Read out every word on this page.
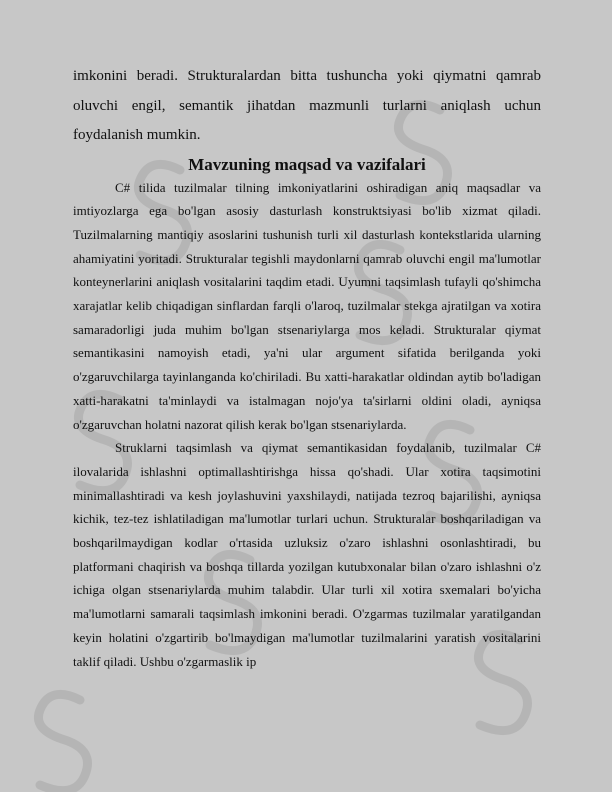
imkonini beradi. Strukturalardan bitta tushuncha yoki qiymatni qamrab oluvchi engil, semantik jihatdan mazmunli turlarni aniqlash uchun foydalanish mumkin.

Mavzuning maqsad va vazifalari

C# tilida tuzilmalar tilning imkoniyatlarini oshiradigan aniq maqsadlar va imtiyozlarga ega bo'lgan asosiy dasturlash konstruktsiyasi bo'lib xizmat qiladi. Tuzilmalarning mantiqiy asoslarini tushunish turli xil dasturlash kontekstlarida ularning ahamiyatini yoritadi. Strukturalar tegishli maydonlarni qamrab oluvchi engil ma'lumotlar konteynerlarini aniqlash vositalarini taqdim etadi. Uyumni taqsimlash tufayli qo'shimcha xarajatlar kelib chiqadigan sinflardan farqli o'laroq, tuzilmalar stekga ajratilgan va xotira samaradorligi juda muhim bo'lgan stsenariylarga mos keladi. Strukturalar qiymat semantikasini namoyish etadi, ya'ni ular argument sifatida berilganda yoki o'zgaruvchilarga tayinlanganda ko'chiriladi. Bu xatti-harakatlar oldindan aytib bo'ladigan xatti-harakatni ta'minlaydi va istalmagan nojo'ya ta'sirlarni oldini oladi, ayniqsa o'zgaruvchan holatni nazorat qilish kerak bo'lgan stsenariylarda.

Struklarni taqsimlash va qiymat semantikasidan foydalanib, tuzilmalar C# ilovalarida ishlashni optimallashtirishga hissa qo'shadi. Ular xotira taqsimotini minimallashtiradi va kesh joylashuvini yaxshilaydi, natijada tezroq bajarilishi, ayniqsa kichik, tez-tez ishlatiladigan ma'lumotlar turlari uchun. Strukturalar boshqariladigan va boshqarilmaydigan kodlar o'rtasida uzluksiz o'zaro ishlashni osonlashtiradi, bu platformani chaqirish va boshqa tillarda yozilgan kutubxonalar bilan o'zaro ishlashni o'z ichiga olgan stsenariylarda muhim talabdir. Ular turli xil xotira sxemalari bo'yicha ma'lumotlarni samarali taqsimlash imkonini beradi. O'zgarmas tuzilmalar yaratilgandan keyin holatini o'zgartirib bo'lmaydigan ma'lumotlar tuzilmalarini yaratish vositalarini taklif qiladi. Ushbu o'zgarmaslik ip
